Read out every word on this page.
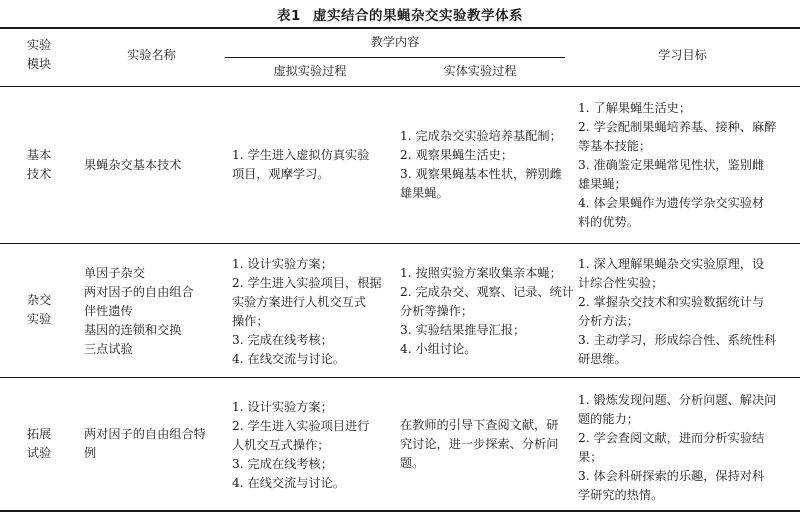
表1 虚实结合的果蝇杂交实验教学体系
实验
模块
实验名称
教学内容
虚拟实验过程	实体实验过程
学习目标
基本
技术
果蝇杂交基本技术
1. 学生进入虚拟仿真实验
项目，观摩学习。
1. 完成杂交实验培养基配制；
2. 观察果蝇生活史；
3. 观察果蝇基本性状，辨别雌
雄果蝇。
1. 了解果蝇生活史；
2. 学会配制果蝇培养基、接种、麻醉
等基本技能；
3. 准确鉴定果蝇常见性状，鉴别雌
雄果蝇；
4. 体会果蝇作为遗传学杂交实验材
料的优势。
杂交
实验
单因子杂交
两对因子的自由组合
伴性遗传
基因的连锁和交换
三点试验
1. 设计实验方案；
2. 学生进入实验项目，根据
实验方案进行人机交互式
操作；
3. 完成在线考核；
4. 在线交流与讨论。
1. 按照实验方案收集亲本蝇；
2. 完成杂交、观察、记录、统计
分析等操作；
3. 实验结果推导汇报；
4. 小组讨论。
1. 深入理解果蝇杂交实验原理，设
计综合性实验；
2. 掌握杂交技术和实验数据统计与
分析方法；
3. 主动学习，形成综合性、系统性科
研思维。
拓展
试验
两对因子的自由组合特
例
1. 设计实验方案；
2. 学生进入实验项目进行
人机交互式操作；
3. 完成在线考核；
4. 在线交流与讨论。
在教师的引导下查阅文献，研
究讨论，进一步探索、分析问
题。
1. 锻炼发现问题、分析问题、解决问
题的能力；
2. 学会查阅文献，进而分析实验结
果；
3. 体会科研探索的乐趣，保持对科
学研究的热情。
